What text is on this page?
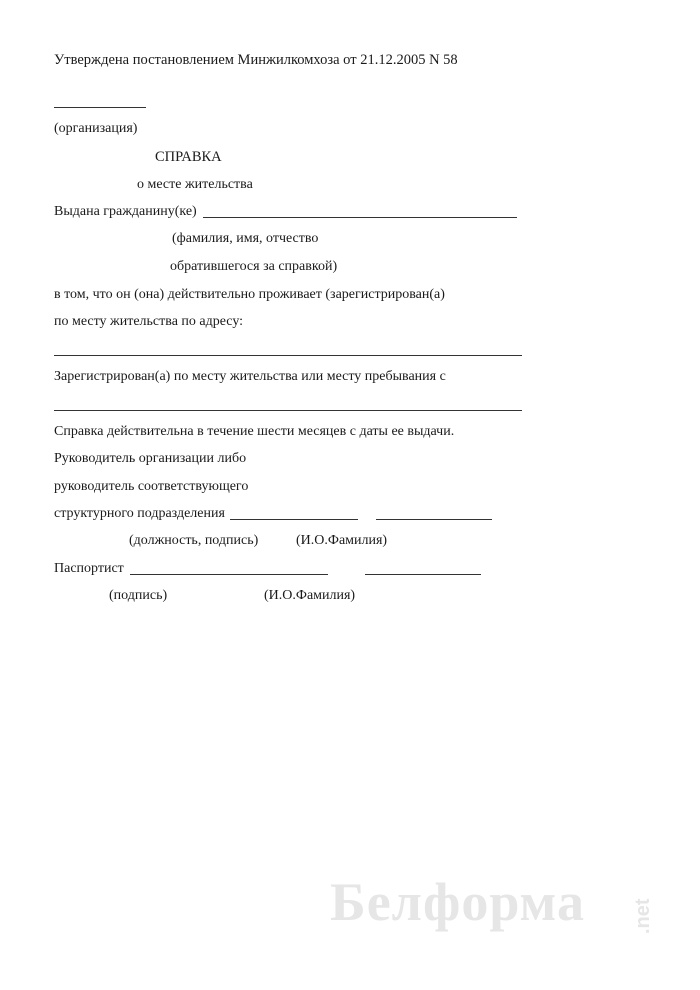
Утверждена постановлением Минжилкомхоза от 21.12.2005 N 58
(организация)
СПРАВКА
о месте жительства
Выдана гражданину(ке)
(фамилия, имя, отчество
обратившегося за справкой)
в том, что он (она) действительно проживает (зарегистрирован(а)
по месту жительства по адресу:
Зарегистрирован(а) по месту жительства или месту пребывания с
Справка действительна в течение шести месяцев с даты ее выдачи.
Руководитель организации либо
руководитель соответствующего
структурного подразделения
(должность, подпись)	(И.О.Фамилия)
Паспортист
(подпись)	(И.О.Фамилия)
Белформа .net
